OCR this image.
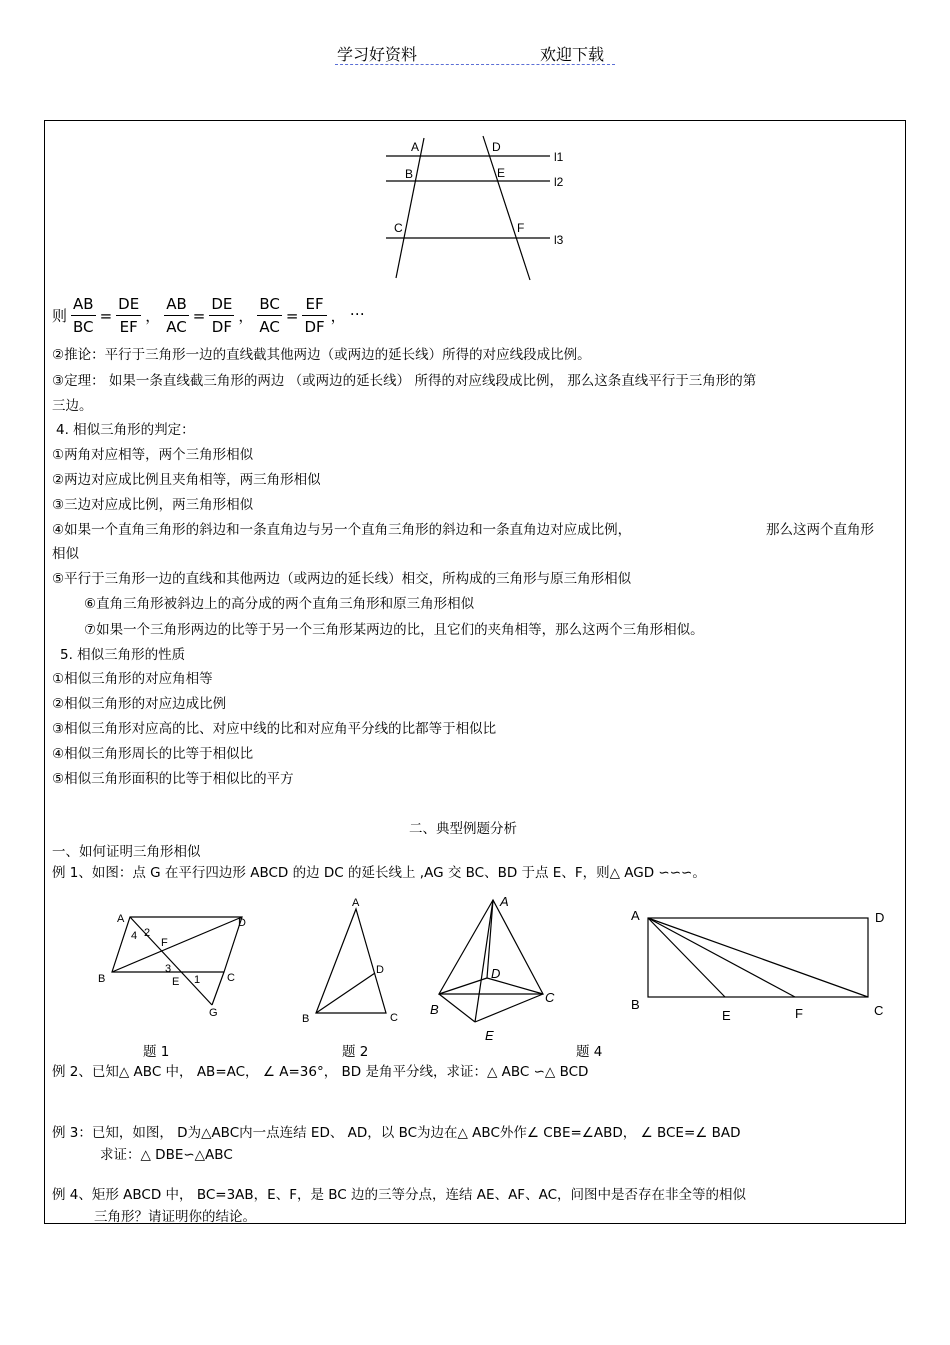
学习好资料	欢迎下载
A	D
l1
B	E
l2
C	F
l3
则 $\frac{AB}{BC} = \frac{DE}{EF}$ ， $\frac{AB}{AC} = \frac{DE}{DF}$ ， $\frac{BC}{AC} = \frac{EF}{DF}$ ， …
②推论：平行于三角形一边的直线截其他两边（或两边的延长线）所得的对应线段成比例。
③定理： 如果一条直线截三角形的两边 （或两边的延长线） 所得的对应线段成比例， 那么这条直线平行于三角形的第
三边。
4. 相似三角形的判定：
①两角对应相等，两个三角形相似
②两边对应成比例且夹角相等，两三角形相似
③三边对应成比例，两三角形相似
④如果一个直角三角形的斜边和一条直角边与另一个直角三角形的斜边和一条直角边对应成比例，	那么这两个直角形
相似
⑤平行于三角形一边的直线和其他两边（或两边的延长线）相交，所构成的三角形与原三角形相似
⑥直角三角形被斜边上的高分成的两个直角三角形和原三角形相似
⑦如果一个三角形两边的比等于另一个三角形某两边的比，且它们的夹角相等，那么这两个三角形相似。
5. 相似三角形的性质
①相似三角形的对应角相等
②相似三角形的对应边成比例
③相似三角形对应高的比、对应中线的比和对应角平分线的比都等于相似比
④相似三角形周长的比等于相似比
⑤相似三角形面积的比等于相似比的平方
二、典型例题分析
一、如何证明三角形相似
例 1、如图：点 G 在平行四边形 ABCD 的边 DC 的延长线上 ,AG 交 BC、BD 于点 E、F，则△ AGD ∽∽∽。
A	D
4 2
F
B
3
1 C
E
G
A
D
B	C
A
D
C
B
E
A	D
B
E	F	C
题 1	题 2	题 4
例 2、已知△ ABC 中， AB=AC， ∠ A=36°， BD 是角平分线，求证：△ ABC ∽△ BCD
例 3：已知，如图， D为△ABC内一点连结 ED、 AD，以 BC为边在△ ABC外作∠ CBE=∠ABD， ∠ BCE=∠ BAD
求证：△ DBE∽△ABC
例 4、矩形 ABCD 中， BC=3AB，E、F，是 BC 边的三等分点，连结 AE、AF、AC，问图中是否存在非全等的相似
三角形？请证明你的结论。
